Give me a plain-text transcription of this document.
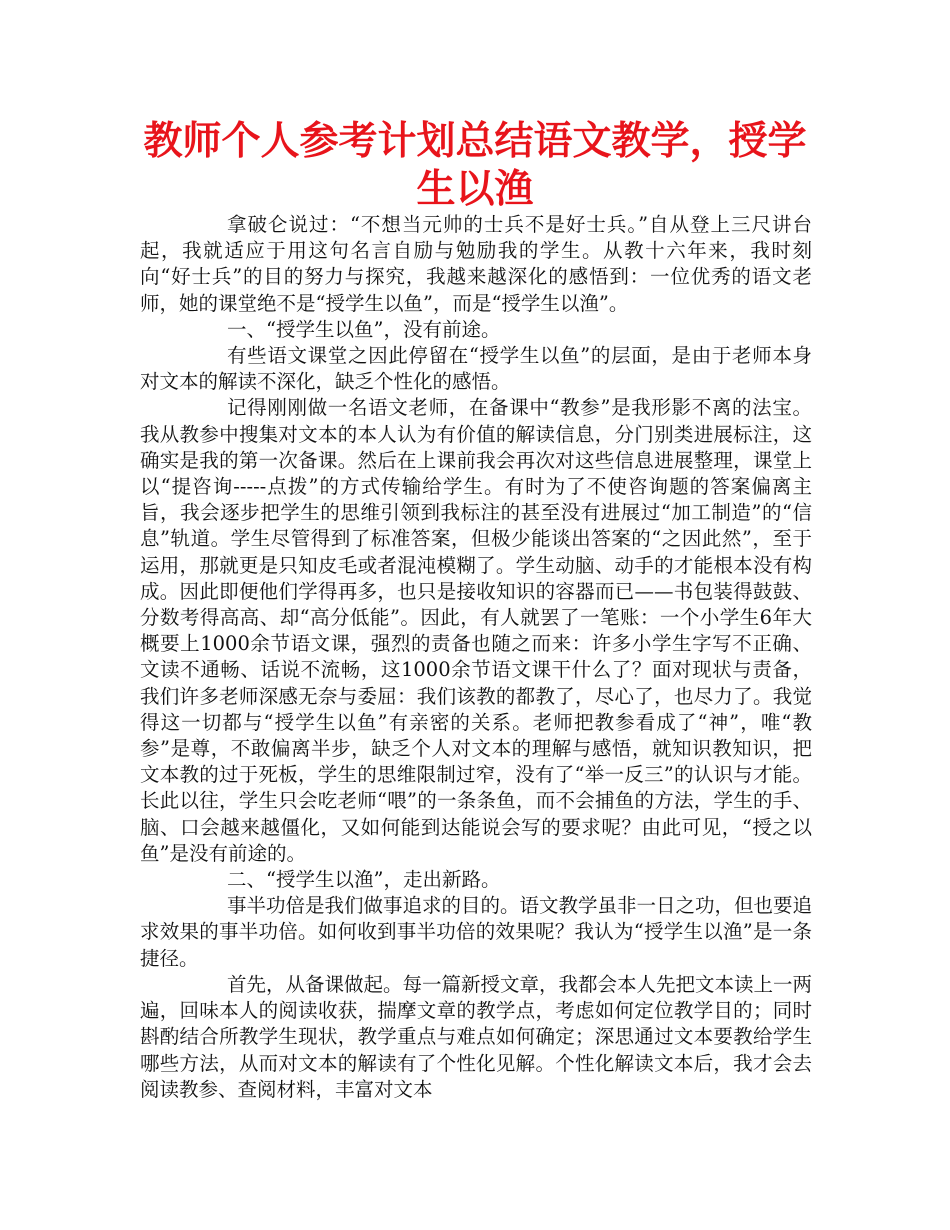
教师个人参考计划总结语文教学，授学生以渔

拿破仑说过：“不想当元帅的士兵不是好士兵。”自从登上三尺讲台起，我就适应于用这句名言自励与勉励我的学生。从教十六年来，我时刻向“好士兵”的目的努力与探究，我越来越深化的感悟到：一位优秀的语文老师，她的课堂绝不是“授学生以鱼”，而是“授学生以渔”。

一、“授学生以鱼”，没有前途。

有些语文课堂之因此停留在“授学生以鱼”的层面，是由于老师本身对文本的解读不深化，缺乏个性化的感悟。

记得刚刚做一名语文老师，在备课中“教参”是我形影不离的法宝。我从教参中搜集对文本的本人认为有价值的解读信息，分门别类进展标注，这确实是我的第一次备课。然后在上课前我会再次对这些信息进展整理，课堂上以“提咨询-----点拨”的方式传输给学生。有时为了不使咨询题的答案偏离主旨，我会逐步把学生的思维引领到我标注的甚至没有进展过“加工制造”的“信息”轨道。学生尽管得到了标准答案，但极少能谈出答案的“之因此然”，至于运用，那就更是只知皮毛或者混沌模糊了。学生动脑、动手的才能根本没有构成。因此即便他们学得再多，也只是接收知识的容器而已——书包装得鼓鼓、分数考得高高、却“高分低能”。因此，有人就罢了一笔账：一个小学生6年大概要上1000余节语文课，强烈的责备也随之而来：许多小学生字写不正确、文读不通畅、话说不流畅，这1000余节语文课干什么了？面对现状与责备，我们许多老师深感无奈与委屈：我们该教的都教了，尽心了，也尽力了。我觉得这一切都与“授学生以鱼”有亲密的关系。老师把教参看成了“神”，唯“教参”是尊，不敢偏离半步，缺乏个人对文本的理解与感悟，就知识教知识，把文本教的过于死板，学生的思维限制过窄，没有了“举一反三”的认识与才能。长此以往，学生只会吃老师“喂”的一条条鱼，而不会捕鱼的方法，学生的手、脑、口会越来越僵化，又如何能到达能说会写的要求呢？由此可见，“授之以鱼”是没有前途的。

二、“授学生以渔”，走出新路。

事半功倍是我们做事追求的目的。语文教学虽非一日之功，但也要追求效果的事半功倍。如何收到事半功倍的效果呢？我认为“授学生以渔”是一条捷径。

首先，从备课做起。每一篇新授文章，我都会本人先把文本读上一两遍，回味本人的阅读收获，揣摩文章的教学点，考虑如何定位教学目的；同时斟酌结合所教学生现状，教学重点与难点如何确定；深思通过文本要教给学生哪些方法，从而对文本的解读有了个性化见解。个性化解读文本后，我才会去阅读教参、查阅材料，丰富对文本
